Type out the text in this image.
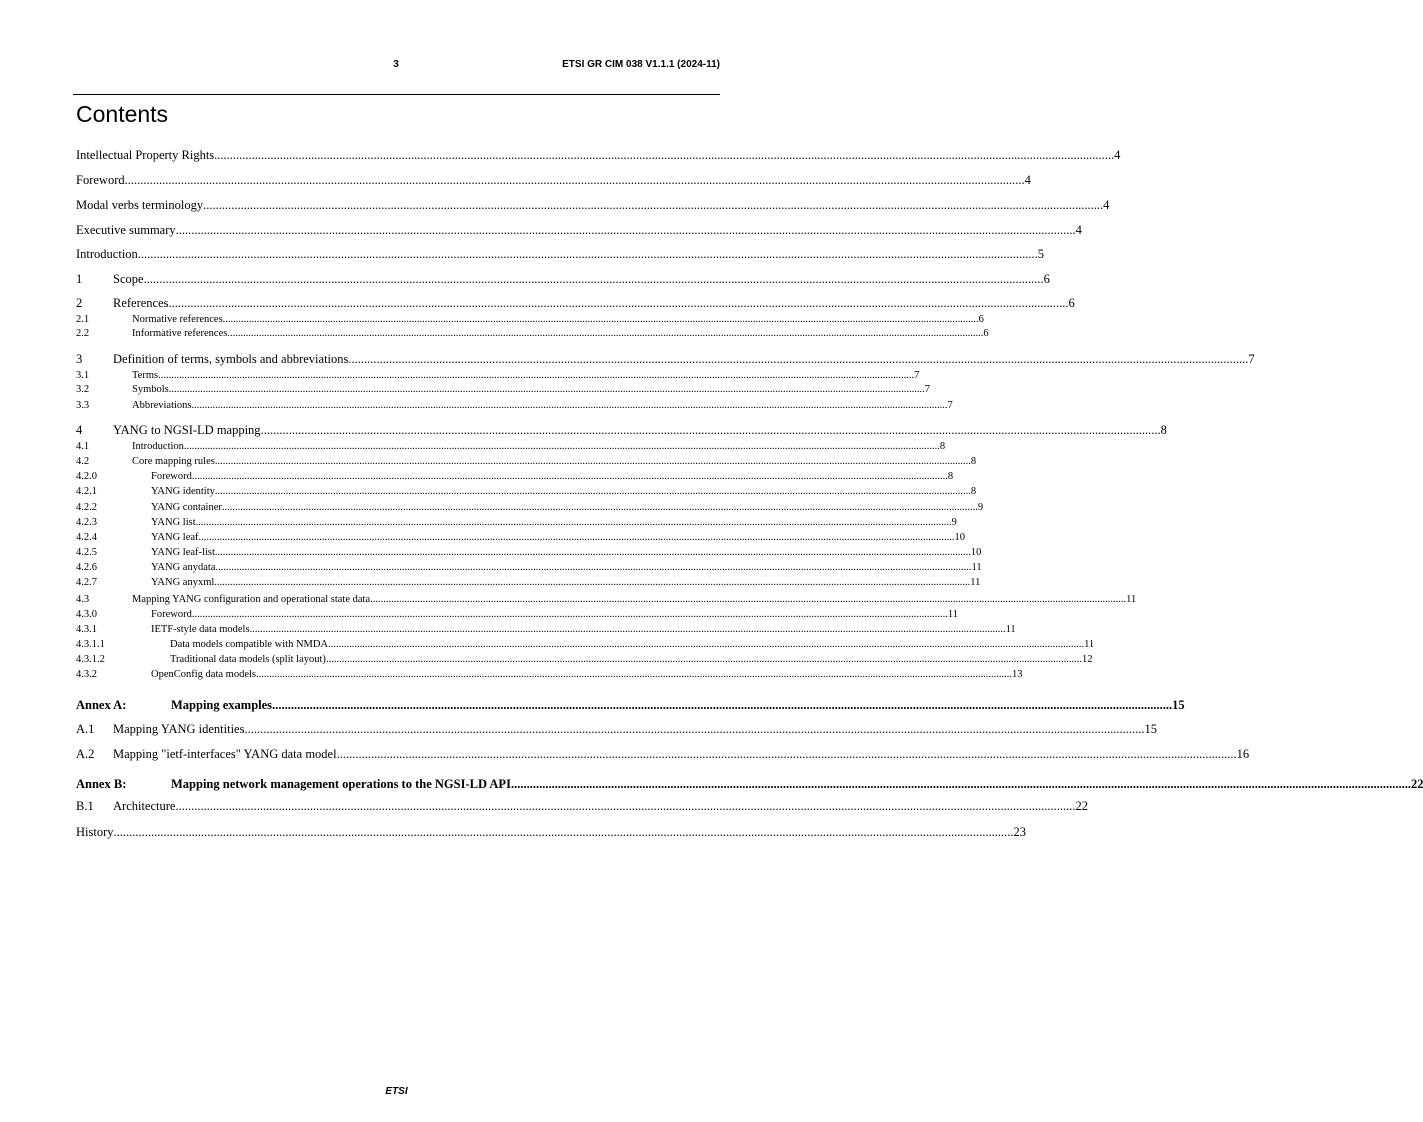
3	ETSI GR CIM 038 V1.1.1 (2024-11)
Contents
Intellectual Property Rights ................................................................................................................................................................................................................................................................................................ 4
Foreword ................................................................................................................................................................................................................................................................................................ 4
Modal verbs terminology ................................................................................................................................................................................................................................................................................................ 4
Executive summary ................................................................................................................................................................................................................................................................................................ 4
Introduction ................................................................................................................................................................................................................................................................................................ 5
1	Scope ................................................................................................................................................................................................................................................................................................ 6
2	References ................................................................................................................................................................................................................................................................................................ 6
2.1	Normative references ................................................................................................................................................................................................................................................................................................ 6
2.2	Informative references ................................................................................................................................................................................................................................................................................................ 6
3	Definition of terms, symbols and abbreviations ................................................................................................................................................................................................................................................................................................ 7
3.1	Terms ................................................................................................................................................................................................................................................................................................ 7
3.2	Symbols ................................................................................................................................................................................................................................................................................................ 7
3.3	Abbreviations ................................................................................................................................................................................................................................................................................................ 7
4	YANG to NGSI-LD mapping ................................................................................................................................................................................................................................................................................................ 8
4.1	Introduction ................................................................................................................................................................................................................................................................................................ 8
4.2	Core mapping rules ................................................................................................................................................................................................................................................................................................ 8
4.2.0	Foreword ................................................................................................................................................................................................................................................................................................ 8
4.2.1	YANG identity ................................................................................................................................................................................................................................................................................................ 8
4.2.2	YANG container ................................................................................................................................................................................................................................................................................................ 9
4.2.3	YANG list ................................................................................................................................................................................................................................................................................................ 9
4.2.4	YANG leaf ................................................................................................................................................................................................................................................................................................ 10
4.2.5	YANG leaf-list ................................................................................................................................................................................................................................................................................................ 10
4.2.6	YANG anydata ................................................................................................................................................................................................................................................................................................ 11
4.2.7	YANG anyxml ................................................................................................................................................................................................................................................................................................ 11
4.3	Mapping YANG configuration and operational state data ................................................................................................................................................................................................................................................................................................ 11
4.3.0	Foreword ................................................................................................................................................................................................................................................................................................ 11
4.3.1	IETF-style data models ................................................................................................................................................................................................................................................................................................ 11
4.3.1.1	Data models compatible with NMDA ................................................................................................................................................................................................................................................................................................ 11
4.3.1.2	Traditional data models (split layout) ................................................................................................................................................................................................................................................................................................ 12
4.3.2	OpenConfig data models ................................................................................................................................................................................................................................................................................................ 13
Annex A:	Mapping examples ................................................................................................................................................................................................................................................................................................ 15
A.1	Mapping YANG identities ................................................................................................................................................................................................................................................................................................ 15
A.2	Mapping "ietf-interfaces" YANG data model ................................................................................................................................................................................................................................................................................................ 16
Annex B:	Mapping network management operations to the NGSI-LD API ................................................................................................................................................................................................................................................................................................ 22
B.1	Architecture ................................................................................................................................................................................................................................................................................................ 22
History ................................................................................................................................................................................................................................................................................................ 23
ETSI
